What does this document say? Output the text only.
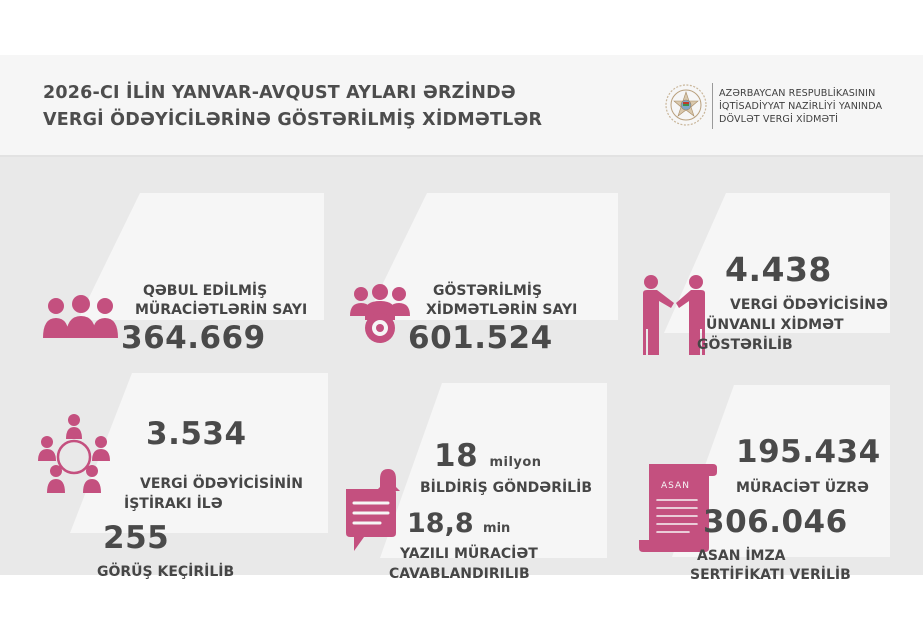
2026-CI İLİN YANVAR-AVQUST AYLARI ƏRZİNDƏ
VERGİ ÖDƏYİCİLƏRİNƏ GÖSTƏRİLMİŞ XİDMƏTLƏR
AZƏRBAYCAN RESPUBLİKASININ
İQTİSADİYYAT NAZİRLİYİ YANINDA
DÖVLƏT VERGİ XİDMƏTİ
QƏBUL EDİLMİŞ
MÜRACİƏTLƏRİN SAYI
364.669
GÖSTƏRİLMİŞ
XİDMƏTLƏRİN SAYI
601.524
4.438
VERGİ ÖDƏYİCİSİNƏ
ÜNVANLI XİDMƏT
GÖSTƏRİLİB
3.534
VERGİ ÖDƏYİCİSİNİN
İŞTİRAKI İLƏ
255
GÖRÜŞ KEÇİRİLİB
18 milyon
BİLDİRİŞ GÖNDƏRİLİB
18,8 min
YAZILI MÜRACİƏT
CAVABLANDIRILIB
ASAN
195.434
MÜRACİƏT ÜZRƏ
306.046
ASAN İMZA
SERTİFİKATI VERİLİB
